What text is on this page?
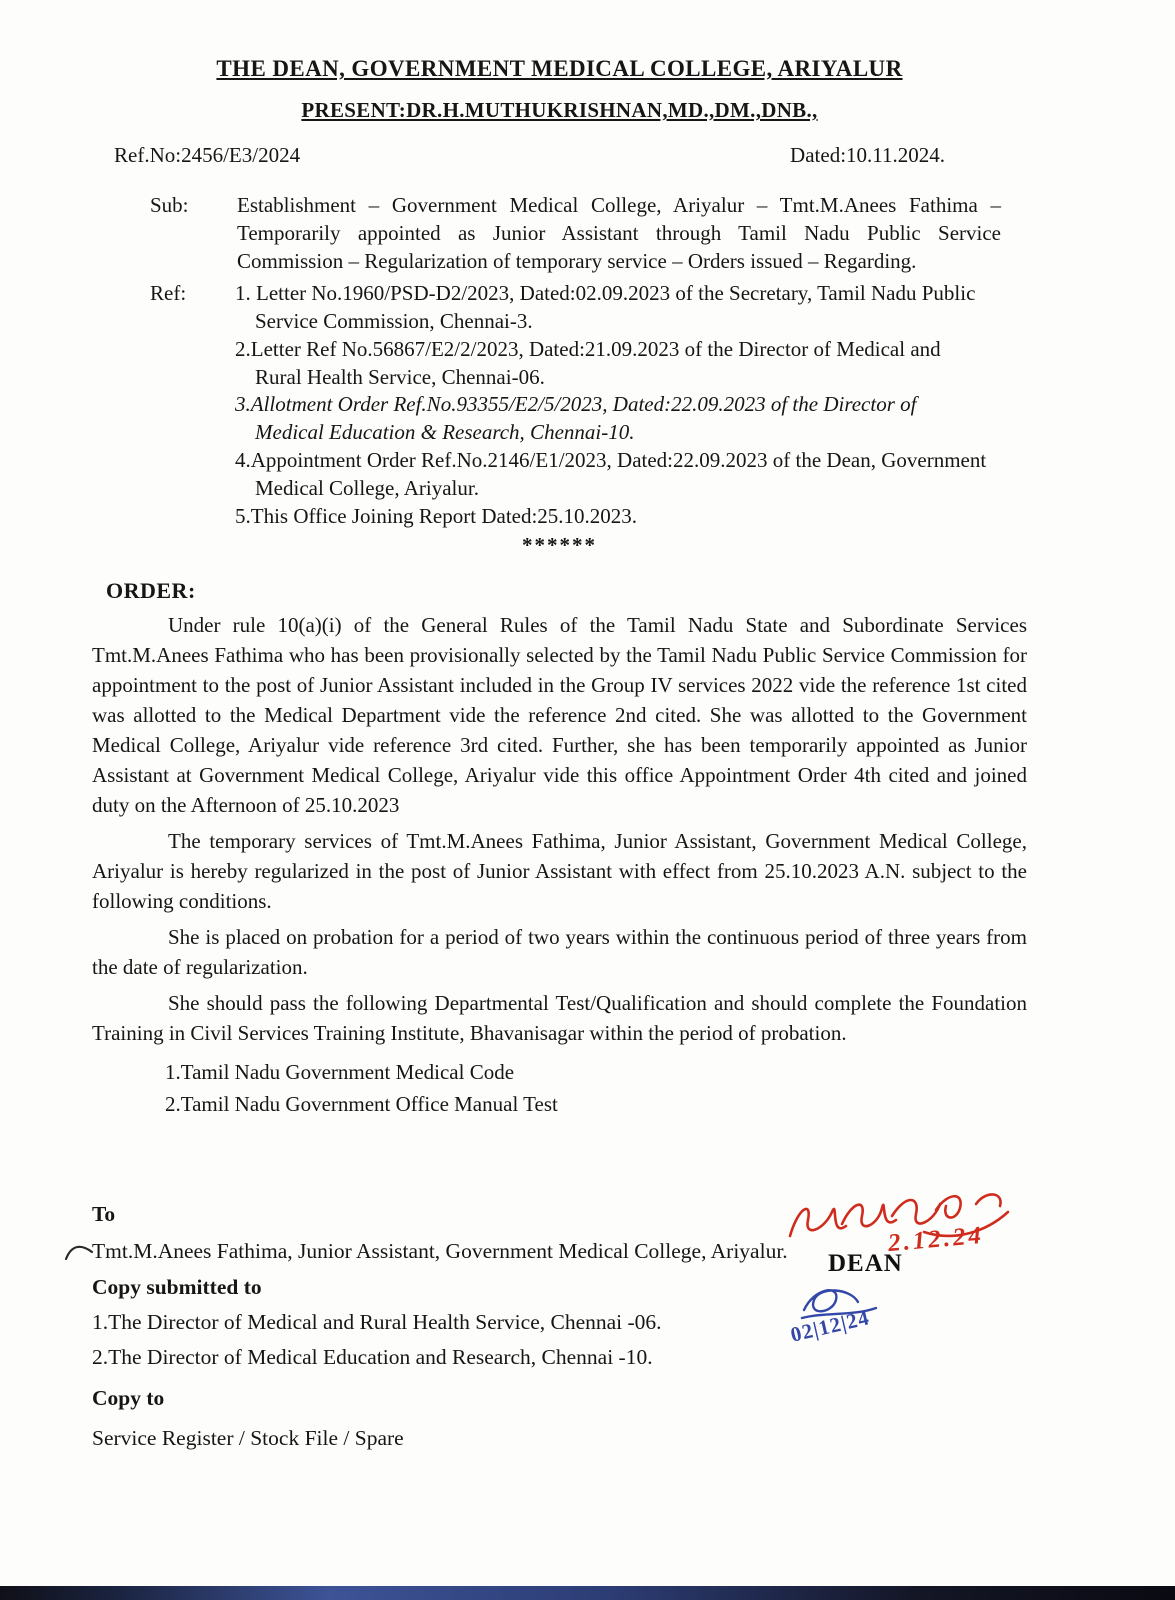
THE DEAN, GOVERNMENT MEDICAL COLLEGE, ARIYALUR
PRESENT:DR.H.MUTHUKRISHNAN,MD.,DM.,DNB.,
Ref.No:2456/E3/2024	Dated:10.11.2024.
Sub:	Establishment – Government Medical College, Ariyalur – Tmt.M.Anees Fathima – Temporarily appointed as Junior Assistant through Tamil Nadu Public Service Commission – Regularization of temporary service – Orders issued – Regarding.
Ref:	1. Letter No.1960/PSD-D2/2023, Dated:02.09.2023 of the Secretary, Tamil Nadu Public Service Commission, Chennai-3.
2.Letter Ref No.56867/E2/2/2023, Dated:21.09.2023 of the Director of Medical and Rural Health Service, Chennai-06.
3.Allotment Order Ref.No.93355/E2/5/2023, Dated:22.09.2023 of the Director of Medical Education & Research, Chennai-10.
4.Appointment Order Ref.No.2146/E1/2023, Dated:22.09.2023 of the Dean, Government Medical College, Ariyalur.
5.This Office Joining Report Dated:25.10.2023.
******
ORDER:

Under rule 10(a)(i) of the General Rules of the Tamil Nadu State and Subordinate Services Tmt.M.Anees Fathima who has been provisionally selected by the Tamil Nadu Public Service Commission for appointment to the post of Junior Assistant included in the Group IV services 2022 vide the reference 1st cited was allotted to the Medical Department vide the reference 2nd cited. She was allotted to the Government Medical College, Ariyalur vide reference 3rd cited. Further, she has been temporarily appointed as Junior Assistant at Government Medical College, Ariyalur vide this office Appointment Order 4th cited and joined duty on the Afternoon of 25.10.2023

The temporary services of Tmt.M.Anees Fathima, Junior Assistant, Government Medical College, Ariyalur is hereby regularized in the post of Junior Assistant with effect from 25.10.2023 A.N. subject to the following conditions.

She is placed on probation for a period of two years within the continuous period of three years from the date of regularization.

She should pass the following Departmental Test/Qualification and should complete the Foundation Training in Civil Services Training Institute, Bhavanisagar within the period of probation.

1.Tamil Nadu Government Medical Code
2.Tamil Nadu Government Office Manual Test
To
Tmt.M.Anees Fathima, Junior Assistant, Government Medical College, Ariyalur.
Copy submitted to
1.The Director of Medical and Rural Health Service, Chennai -06.
2.The Director of Medical Education and Research, Chennai -10.
Copy to
Service Register / Stock File / Spare
2.12.24
DEAN
02|12|24
